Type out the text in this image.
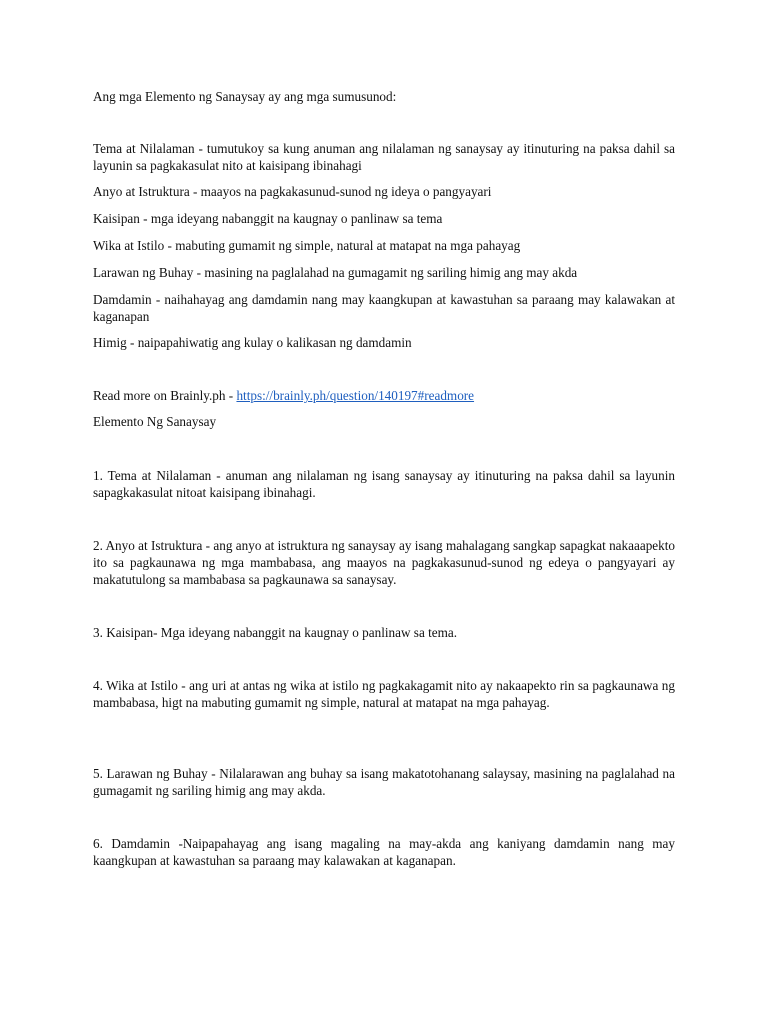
Ang mga Elemento ng Sanaysay ay ang mga sumusunod:

Tema at Nilalaman - tumutukoy sa kung anuman ang nilalaman ng sanaysay ay itinuturing na paksa dahil sa layunin sa pagkakasulat nito at kaisipang ibinahagi

Anyo at Istruktura - maayos na pagkakasunud-sunod ng ideya o pangyayari

Kaisipan - mga ideyang nabanggit na kaugnay o panlinaw sa tema

Wika at Istilo - mabuting gumamit ng simple, natural at matapat na mga pahayag

Larawan ng Buhay - masining na paglalahad na gumagamit ng sariling himig ang may akda

Damdamin - naihahayag ang damdamin nang may kaangkupan at kawastuhan sa paraang may kalawakan at kaganapan

Himig - naipapahiwatig ang kulay o kalikasan ng damdamin

Read more on Brainly.ph - https://brainly.ph/question/140197#readmore

Elemento Ng Sanaysay

1. Tema at Nilalaman - anuman ang nilalaman ng isang sanaysay ay itinuturing na paksa dahil sa layunin sapagkakasulat nitoat kaisipang ibinahagi.

2. Anyo at Istruktura - ang anyo at istruktura ng sanaysay ay isang mahalagang sangkap sapagkat nakaaapekto ito sa pagkaunawa ng mga mambabasa, ang maayos na pagkakasunud-sunod ng edeya o pangyayari ay makatutulong sa mambabasa sa pagkaunawa sa sanaysay.

3. Kaisipan- Mga ideyang nabanggit na kaugnay o panlinaw sa tema.

4. Wika at Istilo - ang uri at antas ng wika at istilo ng pagkakagamit nito ay nakaapekto rin sa pagkaunawa ng mambabasa, higt na mabuting gumamit ng simple, natural at matapat na mga pahayag.

5. Larawan ng Buhay - Nilalarawan ang buhay sa isang makatotohanang salaysay, masining na paglalahad na gumagamit ng sariling himig ang may akda.

6. Damdamin -Naipapahayag ang isang magaling na may-akda ang kaniyang damdamin nang may kaangkupan at kawastuhan sa paraang may kalawakan at kaganapan.
